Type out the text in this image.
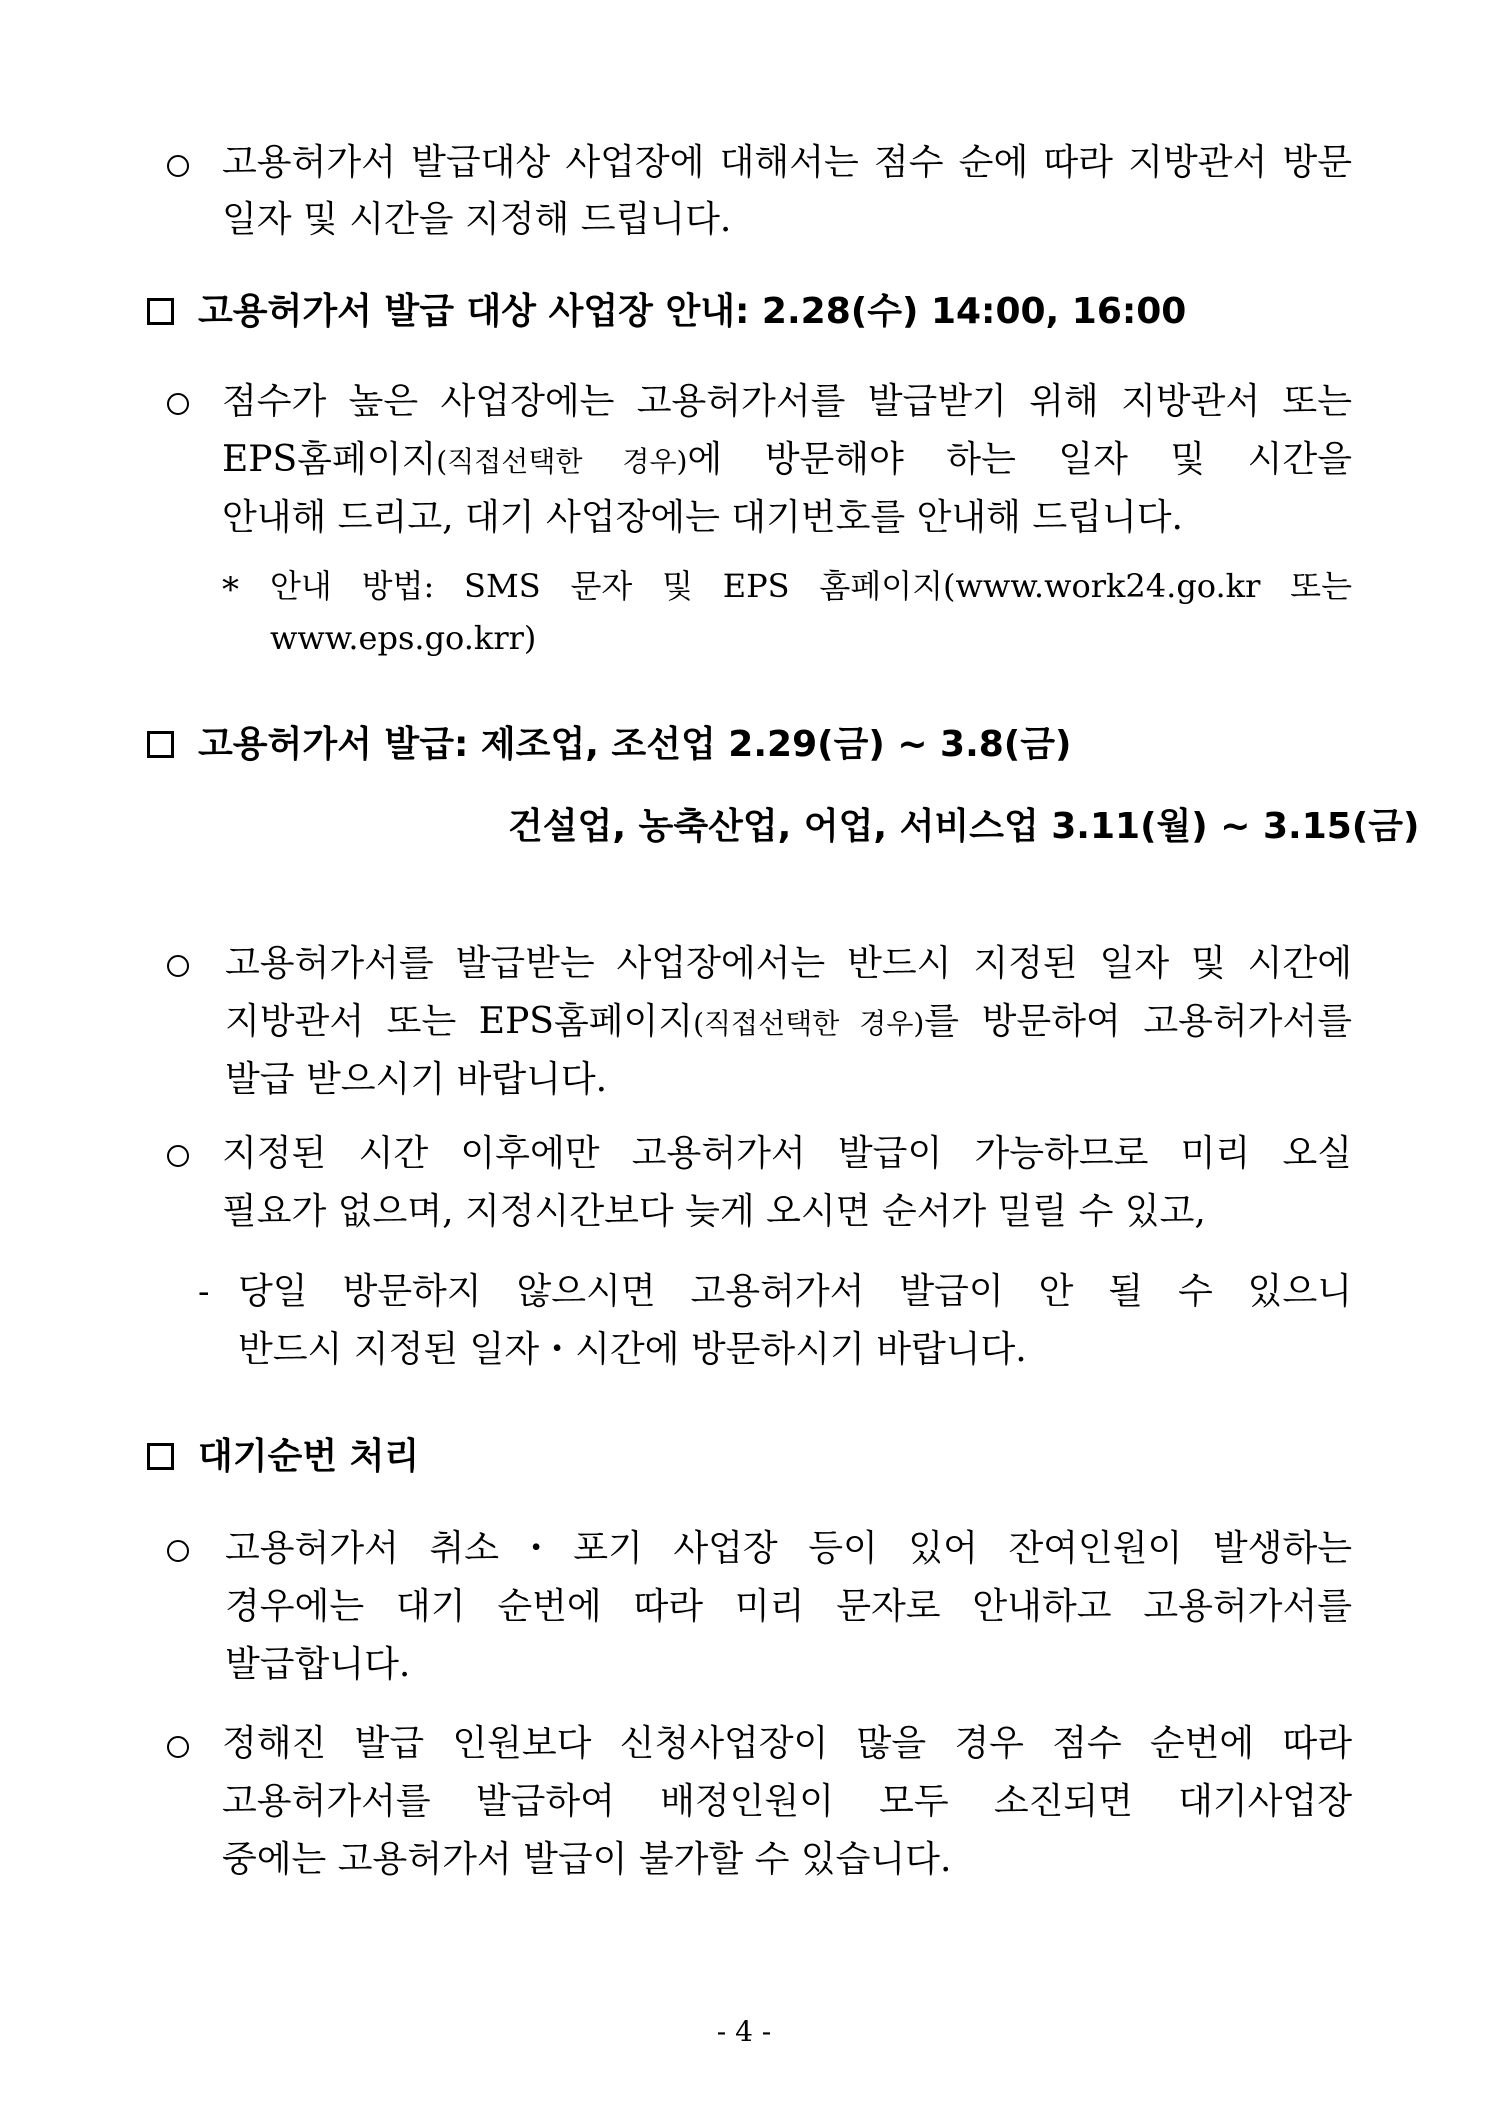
고용허가서 발급대상 사업장에 대해서는 점수 순에 따라 지방관서 방문
일자 및 시간을 지정해 드립니다.
고용허가서 발급 대상 사업장 안내: 2.28(수) 14:00, 16:00
점수가 높은 사업장에는 고용허가서를 발급받기 위해 지방관서 또는
EPS홈페이지(직접선택한 경우)에 방문해야 하는 일자 및 시간을
안내해 드리고, 대기 사업장에는 대기번호를 안내해 드립니다.
* 안내 방법: SMS 문자 및 EPS 홈페이지(www.work24.go.kr 또는
www.eps.go.krr)
고용허가서 발급: 제조업, 조선업 2.29(금) ~ 3.8(금)
건설업, 농축산업, 어업, 서비스업 3.11(월) ~ 3.15(금)
고용허가서를 발급받는 사업장에서는 반드시 지정된 일자 및 시간에
지방관서 또는 EPS홈페이지(직접선택한 경우)를 방문하여 고용허가서를
발급 받으시기 바랍니다.
지정된 시간 이후에만 고용허가서 발급이 가능하므로 미리 오실
필요가 없으며, 지정시간보다 늦게 오시면 순서가 밀릴 수 있고,
- 당일 방문하지 않으시면 고용허가서 발급이 안 될 수 있으니
반드시 지정된 일자・시간에 방문하시기 바랍니다.
대기순번 처리
고용허가서 취소・포기 사업장 등이 있어 잔여인원이 발생하는
경우에는 대기 순번에 따라 미리 문자로 안내하고 고용허가서를
발급합니다.
정해진 발급 인원보다 신청사업장이 많을 경우 점수 순번에 따라
고용허가서를 발급하여 배정인원이 모두 소진되면 대기사업장
중에는 고용허가서 발급이 불가할 수 있습니다.
- 4 -
